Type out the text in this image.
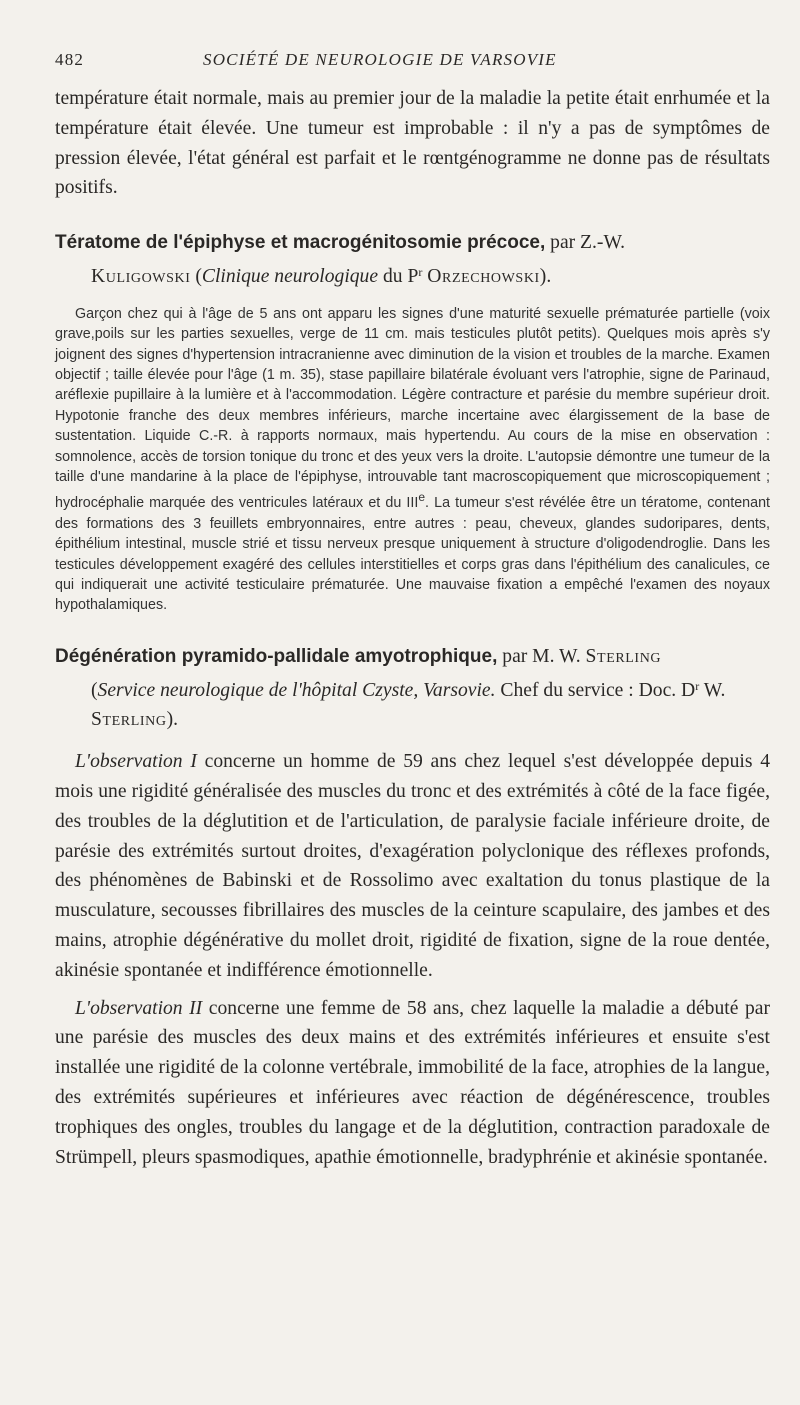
482	SOCIÉTÉ DE NEUROLOGIE DE VARSOVIE

température était normale, mais au premier jour de la maladie la petite était enrhumée et la température était élevée. Une tumeur est improbable : il n'y a pas de symptômes de pression élevée, l'état général est parfait et le rœntgénogramme ne donne pas de résultats positifs.

Tératome de l'épiphyse et macrogénitosomie précoce, par Z.-W.
Kuligowski (Clinique neurologique du $P^r$ Orzechowski).

Garçon chez qui à l'âge de 5 ans ont apparu les signes d'une maturité sexuelle prématurée partielle (voix grave,poils sur les parties sexuelles, verge de 11 cm. mais testicules plutôt petits). Quelques mois après s'y joignent des signes d'hypertension intracranienne avec diminution de la vision et troubles de la marche. Examen objectif ; taille élevée pour l'âge (1 m. 35), stase papillaire bilatérale évoluant vers l'atrophie, signe de Parinaud, aréflexie pupillaire à la lumière et à l'accommodation. Légère contracture et parésie du membre supérieur droit. Hypotonie franche des deux membres inférieurs, marche incertaine avec élargissement de la base de sustentation. Liquide C.-R. à rapports normaux, mais hypertendu. Au cours de la mise en observation : somnolence, accès de torsion tonique du tronc et des yeux vers la droite. L'autopsie démontre une tumeur de la taille d'une mandarine à la place de l'épiphyse, introuvable tant macroscopiquement que microscopiquement ; hydrocéphalie marquée des ventricules latéraux et du IIIe. La tumeur s'est révélée être un tératome, contenant des formations des 3 feuillets embryonnaires, entre autres : peau, cheveux, glandes sudoripares, dents, épithélium intestinal, muscle strié et tissu nerveux presque uniquement à structure d'oligodendroglie. Dans les testicules développement exagéré des cellules interstitielles et corps gras dans l'épithélium des canalicules, ce qui indiquerait une activité testiculaire prématurée. Une mauvaise fixation a empêché l'examen des noyaux hypothalamiques.

Dégénération pyramido-pallidale amyotrophique, par M. W. Sterling
(Service neurologique de l'hôpital Czyste, Varsovie. Chef du service : Doc. $D^r$ W. Sterling).

L'observation I concerne un homme de 59 ans chez lequel s'est développée depuis 4 mois une rigidité généralisée des muscles du tronc et des extrémités à côté de la face figée, des troubles de la déglutition et de l'articulation, de paralysie faciale inférieure droite, de parésie des extrémités surtout droites, d'exagération polyclonique des réflexes profonds, des phénomènes de Babinski et de Rossolimo avec exaltation du tonus plastique de la musculature, secousses fibrillaires des muscles de la ceinture scapulaire, des jambes et des mains, atrophie dégénérative du mollet droit, rigidité de fixation, signe de la roue dentée, akinésie spontanée et indifférence émotionnelle.

L'observation II concerne une femme de 58 ans, chez laquelle la maladie a débuté par une parésie des muscles des deux mains et des extrémités inférieures et ensuite s'est installée une rigidité de la colonne vertébrale, immobilité de la face, atrophies de la langue, des extrémités supérieures et inférieures avec réaction de dégénérescence, troubles trophiques des ongles, troubles du langage et de la déglutition, contraction paradoxale de Strümpell, pleurs spasmodiques, apathie émotionnelle, bradyphrénie et akinésie spontanée.
